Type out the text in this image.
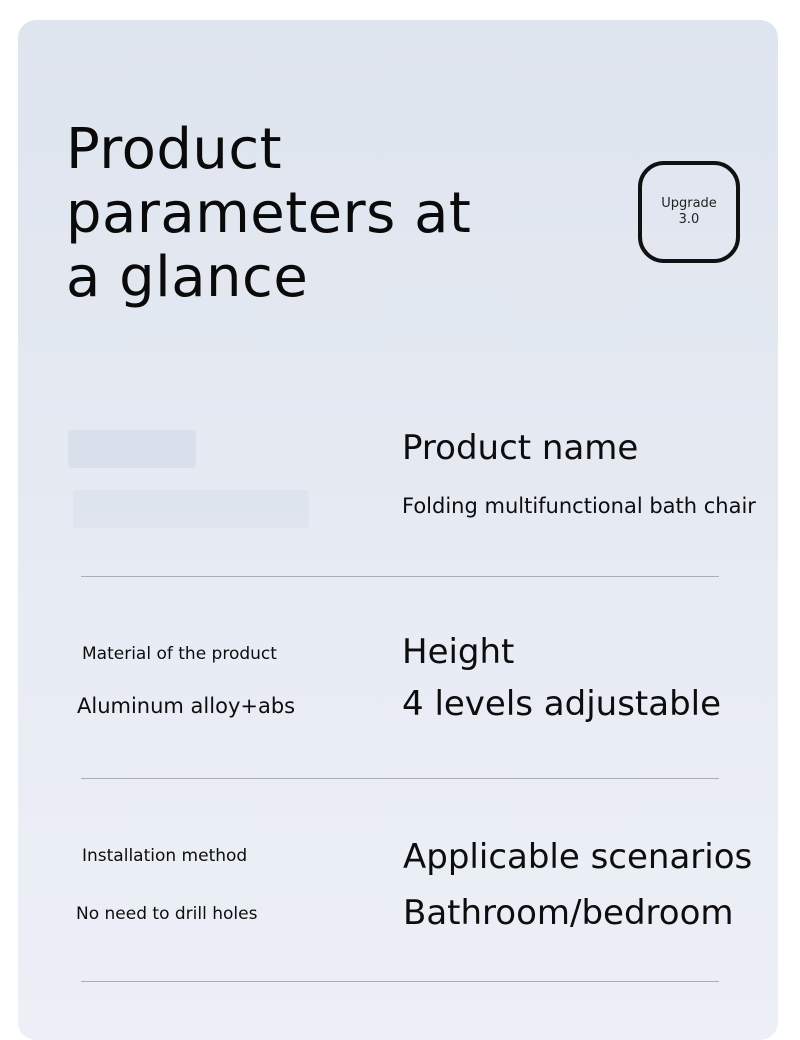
Product parameters at a glance
Upgrade
3.0
Product name
Folding multifunctional bath chair
Material of the product
Aluminum alloy+abs
Height
4 levels adjustable
Installation method
No need to drill holes
Applicable scenarios
Bathroom/bedroom
